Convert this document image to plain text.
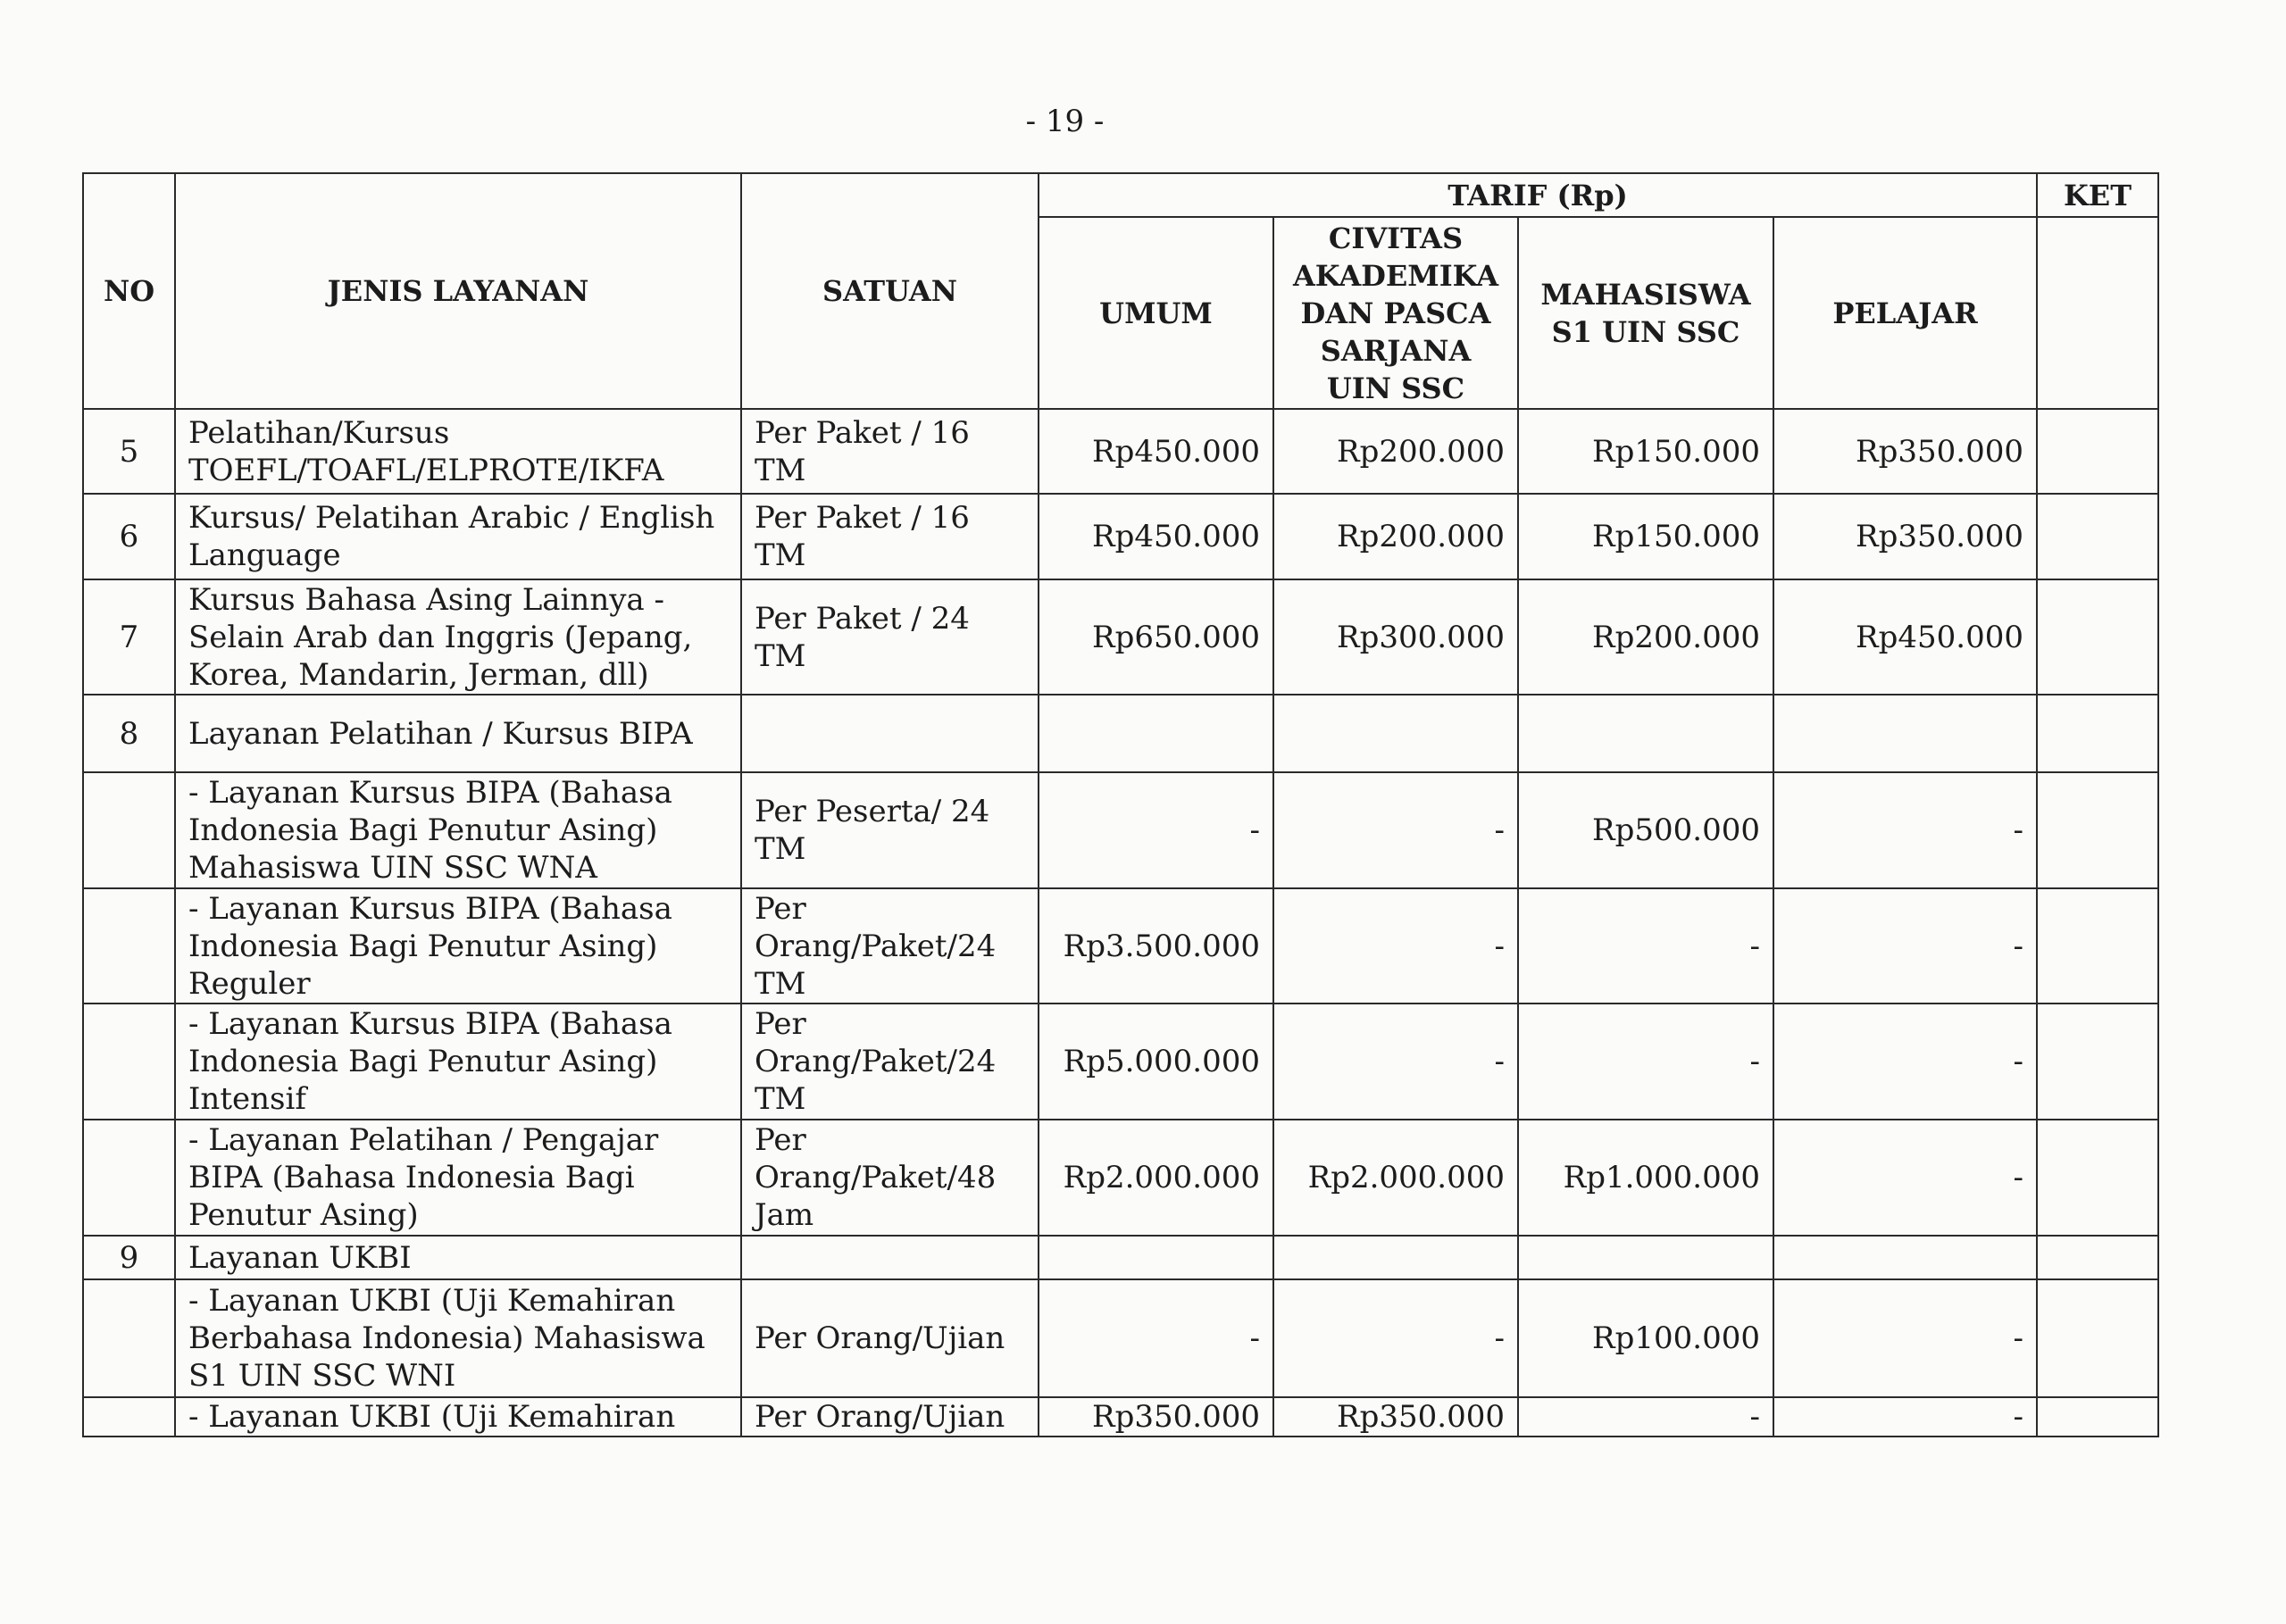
- 19 -
NO	JENIS LAYANAN	SATUAN	TARIF (Rp)				KET
			UMUM	CIVITAS AKADEMIKA DAN PASCA SARJANA UIN SSC	MAHASISWA S1 UIN SSC	PELAJAR	
5	Pelatihan/Kursus TOEFL/TOAFL/ELPROTE/IKFA	Per Paket / 16 TM	Rp450.000	Rp200.000	Rp150.000	Rp350.000	
6	Kursus/ Pelatihan Arabic / English Language	Per Paket / 16 TM	Rp450.000	Rp200.000	Rp150.000	Rp350.000	
7	Kursus Bahasa Asing Lainnya - Selain Arab dan Inggris (Jepang, Korea, Mandarin, Jerman, dll)	Per Paket / 24 TM	Rp650.000	Rp300.000	Rp200.000	Rp450.000	
8	Layanan Pelatihan / Kursus BIPA						
	- Layanan Kursus BIPA (Bahasa Indonesia Bagi Penutur Asing) Mahasiswa UIN SSC WNA	Per Peserta/ 24 TM	-	-	Rp500.000	-	
	- Layanan Kursus BIPA (Bahasa Indonesia Bagi Penutur Asing) Reguler	Per Orang/Paket/24 TM	Rp3.500.000	-	-	-	
	- Layanan Kursus BIPA (Bahasa Indonesia Bagi Penutur Asing) Intensif	Per Orang/Paket/24 TM	Rp5.000.000	-	-	-	
	- Layanan Pelatihan / Pengajar BIPA (Bahasa Indonesia Bagi Penutur Asing)	Per Orang/Paket/48 Jam	Rp2.000.000	Rp2.000.000	Rp1.000.000	-	
9	Layanan UKBI						
	- Layanan UKBI (Uji Kemahiran Berbahasa Indonesia) Mahasiswa S1 UIN SSC WNI	Per Orang/Ujian	-	-	Rp100.000	-	
	- Layanan UKBI (Uji Kemahiran	Per Orang/Ujian	Rp350.000	Rp350.000	-	-	
